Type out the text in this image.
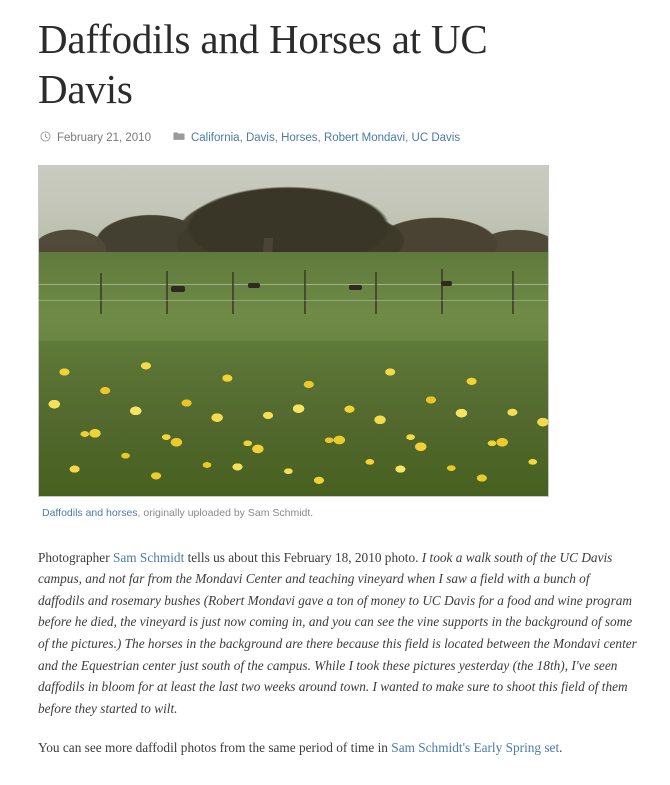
Daffodils and Horses at UC Davis
February 21, 2010	California, Davis, Horses, Robert Mondavi, UC Davis
Daffodils and horses, originally uploaded by Sam Schmidt.

Photographer Sam Schmidt tells us about this February 18, 2010 photo. I took a walk south of the UC Davis campus, and not far from the Mondavi Center and teaching vineyard when I saw a field with a bunch of daffodils and rosemary bushes (Robert Mondavi gave a ton of money to UC Davis for a food and wine program before he died, the vineyard is just now coming in, and you can see the vine supports in the background of some of the pictures.) The horses in the background are there because this field is located between the Mondavi center and the Equestrian center just south of the campus. While I took these pictures yesterday (the 18th), I've seen daffodils in bloom for at least the last two weeks around town. I wanted to make sure to shoot this field of them before they started to wilt.

You can see more daffodil photos from the same period of time in Sam Schmidt's Early Spring set.
